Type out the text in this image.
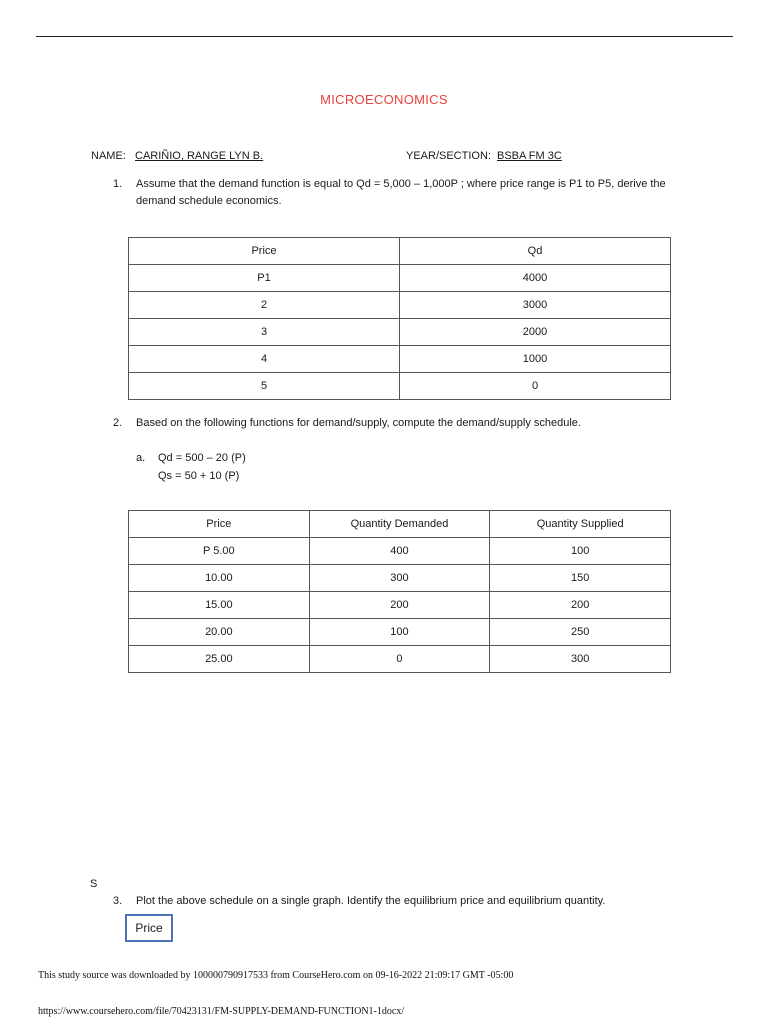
MICROECONOMICS
NAME: CARIÑIO, RANGE LYN B.	YEAR/SECTION: BSBA FM 3C
1. Assume that the demand function is equal to Qd = 5,000 – 1,000P ; where price range is P1 to P5, derive the demand schedule economics.
Price	Qd
P1	4000
2	3000
3	2000
4	1000
5	0
2. Based on the following functions for demand/supply, compute the demand/supply schedule.
a. Qd = 500 – 20 (P)
Qs = 50 + 10 (P)
Price	Quantity Demanded	Quantity Supplied
P 5.00	400	100
10.00	300	150
15.00	200	200
20.00	100	250
25.00	0	300
S
3. Plot the above schedule on a single graph. Identify the equilibrium price and equilibrium quantity.
Price
This study source was downloaded by 100000790917533 from CourseHero.com on 09-16-2022 21:09:17 GMT -05:00
https://www.coursehero.com/file/70423131/FM-SUPPLY-DEMAND-FUNCTION1-1docx/
